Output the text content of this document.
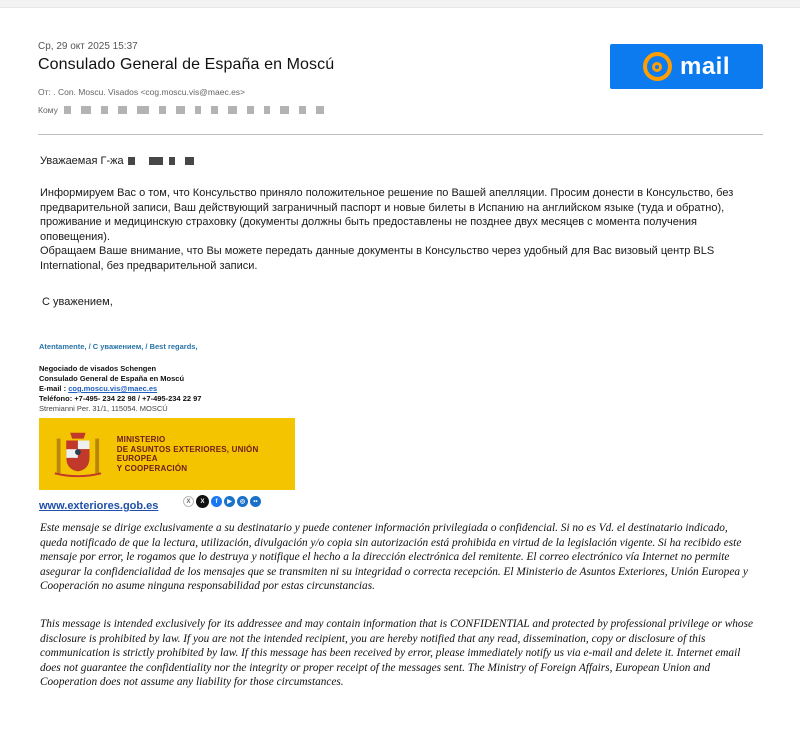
Ср, 29 окт 2025 15:37
Consulado General de España en Moscú
От: . Con. Moscu. Visados <cog.moscu.vis@maec.es>
Кому
mail
Уважаемая Г-жа

Информируем Вас о том, что Консульство приняло положительное решение по Вашей апелляции. Просим донести в Консульство, без предварительной записи, Ваш действующий заграничный паспорт и новые билеты в Испанию на английском языке (туда и обратно), проживание и медицинскую страховку (документы должны быть предоставлены не позднее двух месяцев с момента получения оповещения).

Обращаем Ваше внимание, что Вы можете передать данные документы в Консульство через удобный для Вас визовый центр BLS International, без предварительной записи.

С уважением,
Atentamente, / С уважением, / Best regards,
Negociado de visados Schengen
Consulado General de España en Moscú
E-mail : cog.moscu.vis@maec.es
Teléfono: +7-495- 234 22 98 / +7-495-234 22 97
Stremianni Per. 31/1, 115054. MOSCÚ
MINISTERIO
DE ASUNTOS EXTERIORES, UNIÓN EUROPEA
Y COOPERACIÓN
www.exteriores.gob.es	X	X	f	▶	◎	••
Este mensaje se dirige exclusivamente a su destinatario y puede contener información privilegiada o confidencial. Si no es Vd. el destinatario indicado, queda notificado de que la lectura, utilización, divulgación y/o copia sin autorización está prohibida en virtud de la legislación vigente. Si ha recibido este mensaje por error, le rogamos que lo destruya y notifique el hecho a la dirección electrónica del remitente. El correo electrónico vía Internet no permite asegurar la confidencialidad de los mensajes que se transmiten ni su integridad o correcta recepción. El Ministerio de Asuntos Exteriores, Unión Europea y Cooperación no asume ninguna responsabilidad por estas circunstancias.
This message is intended exclusively for its addressee and may contain information that is CONFIDENTIAL and protected by professional privilege or whose disclosure is prohibited by law. If you are not the intended recipient, you are hereby notified that any read, dissemination, copy or disclosure of this communication is strictly prohibited by law. If this message has been received by error, please immediately notify us via e-mail and delete it. Internet email does not guarantee the confidentiality nor the integrity or proper receipt of the messages sent. The Ministry of Foreign Affairs, European Union and Cooperation does not assume any liability for those circumstances.
